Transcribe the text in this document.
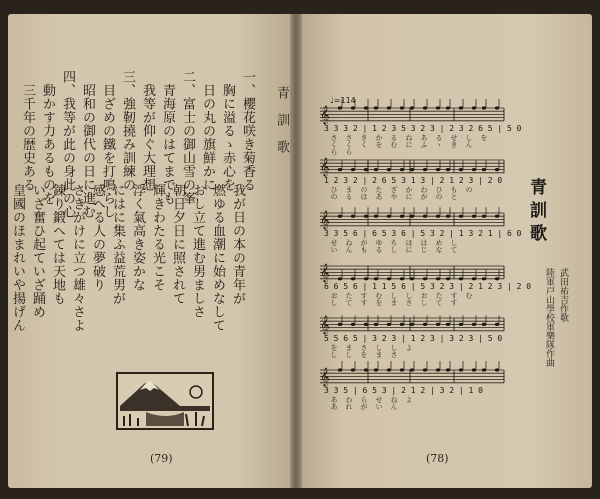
青訓歌
一、櫻花咲き菊香る
　胸に溢るゝ赤心を
　日の丸の旗鮮かに
二、富士の御山雪の峯
　青海原のはてまでも
　我等が仰ぐ大理想
三、強靭撓み訓練の
　目ざめの鐵を打鳴らし
　昭和の御代の日に進む
四、我等が此の身此の心
　動かす力あるものを
　三千年の歴史ある
　我が日の本の青年が
　燃ゆる血潮に始めなして
　おし立て進む男ましさ
　朝日夕日に照されて
　輝きわたる光こそ
　浮く氣高き姿かな
　にはに集ふ益荒男が
　感へる人の夢破り
　さきがけに立つ雄々さよ
　錬り鍛へては天地も
　いざ奮ひ起ていざ踊め
　皇國のほまれいや揚げん
(79)
♩=114
𝄞
𝄞
𝄞
𝄞
𝄞
𝄞
3 3 3 2 | 1 2 3 5 3 2 3 | 2 3 2 6 5 | 5 0
さくら さくら きく かを るむ ねに あふ るゝ せき しん を
1 2 3 2 | 2 6 5 3 1 3 | 2 1 2 3 | 2 0
ひの まる のは たあ ざや かに わが ひの もと の
3 3 5 6 | 6 5 3 6 | 5 3 2 | 1 3 2 1 | 6 0
せい ねん がも ゆる ちし ほに はじ めな して
6 6 5 6 | 1 1 5 6 | 5 3 2 3 | 2 1 2 3 | 2 0
おし たて すす むを しま しさ おし たて すす む
5 5 6 5 | 3 2 3 | 1 2 3 | 3 2 3 | 5 0
をし まし さを しま しさ よ
3 3 5 | 6 5 3 | 2 1 2 | 3 2 | 1 0
ああ われ らが せい ねん よ
青訓歌
武田祐吉作歌
陸軍戸山學校軍樂隊作曲
(78)
